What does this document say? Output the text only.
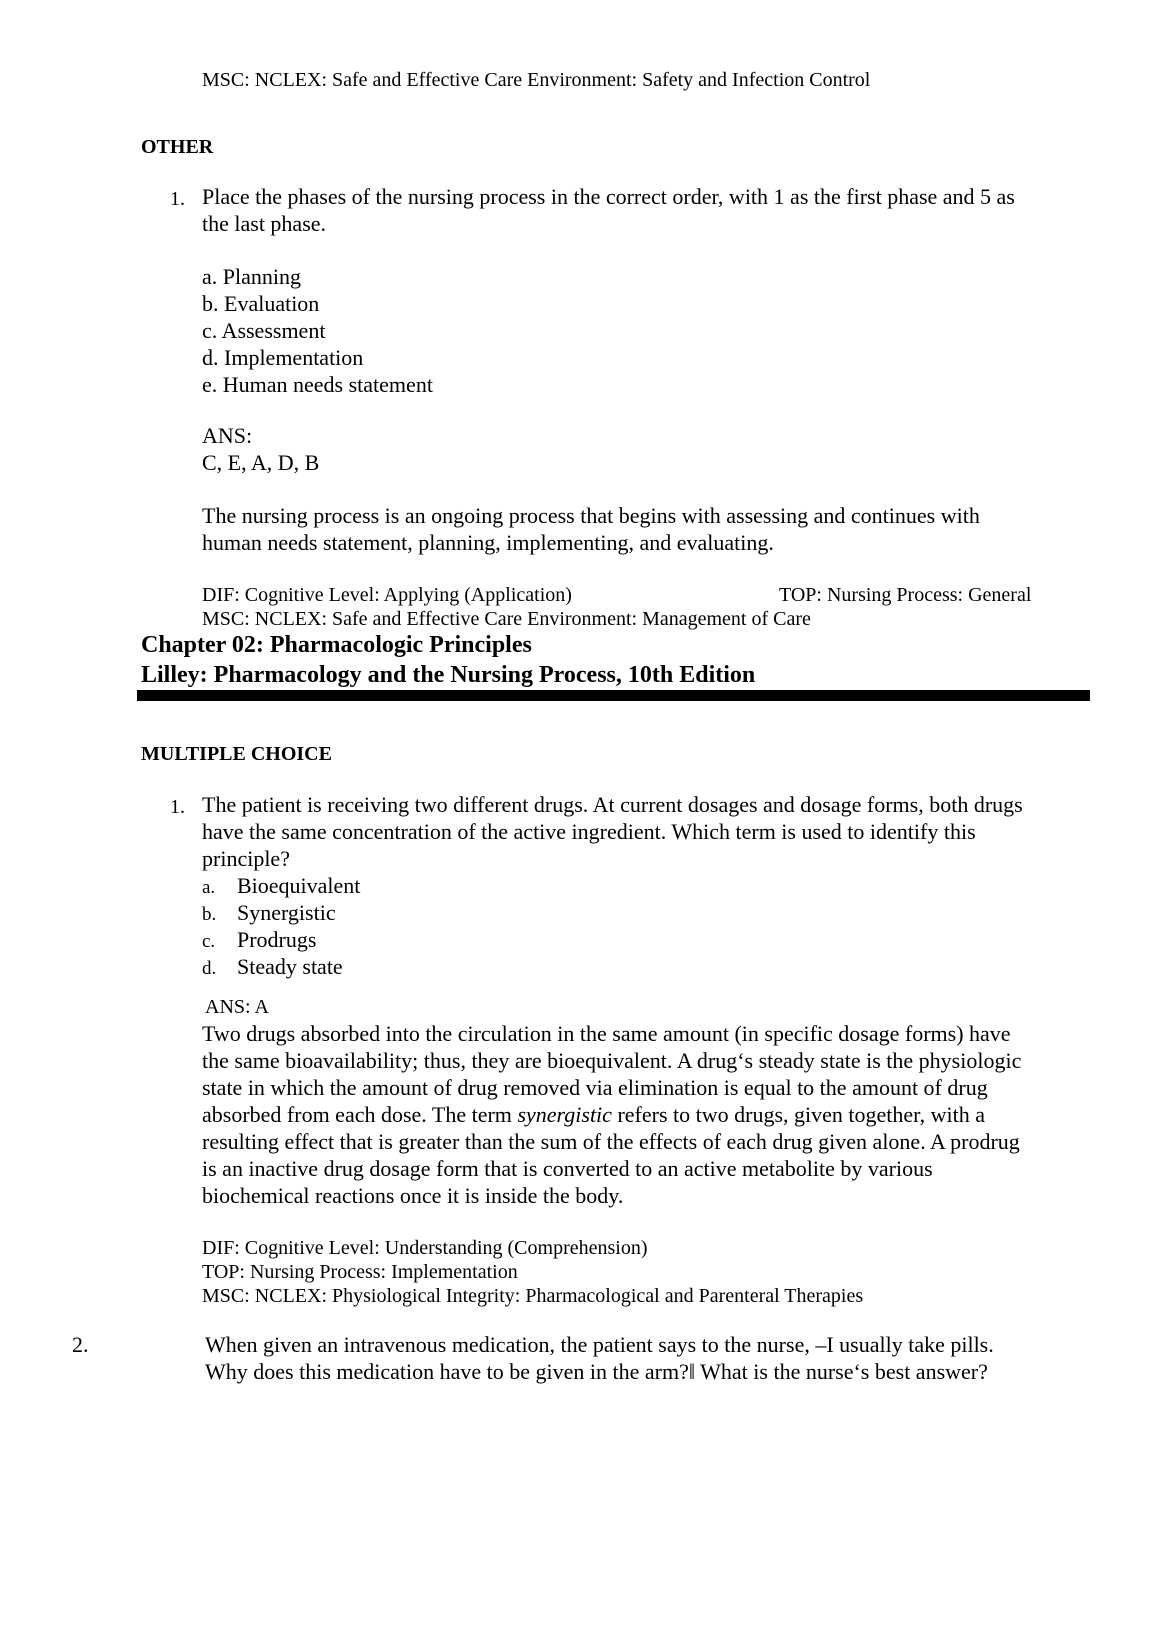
MSC: NCLEX: Safe and Effective Care Environment: Safety and Infection Control
OTHER
1. Place the phases of the nursing process in the correct order, with 1 as the first phase and 5 as
the last phase.
a. Planning
b. Evaluation
c. Assessment
d. Implementation
e. Human needs statement
ANS:
C, E, A, D, B
The nursing process is an ongoing process that begins with assessing and continues with
human needs statement, planning, implementing, and evaluating.
DIF: Cognitive Level: Applying (Application)	TOP: Nursing Process: General
MSC: NCLEX: Safe and Effective Care Environment: Management of Care
Chapter 02: Pharmacologic Principles
Lilley: Pharmacology and the Nursing Process, 10th Edition
MULTIPLE CHOICE
1. The patient is receiving two different drugs. At current dosages and dosage forms, both drugs
have the same concentration of the active ingredient. Which term is used to identify this
principle?
a. Bioequivalent
b. Synergistic
c. Prodrugs
d. Steady state
ANS: A
Two drugs absorbed into the circulation in the same amount (in specific dosage forms) have
the same bioavailability; thus, they are bioequivalent. A drug‘s steady state is the physiologic
state in which the amount of drug removed via elimination is equal to the amount of drug
absorbed from each dose. The term synergistic refers to two drugs, given together, with a
resulting effect that is greater than the sum of the effects of each drug given alone. A prodrug
is an inactive drug dosage form that is converted to an active metabolite by various
biochemical reactions once it is inside the body.
DIF: Cognitive Level: Understanding (Comprehension)
TOP: Nursing Process: Implementation
MSC: NCLEX: Physiological Integrity: Pharmacological and Parenteral Therapies
2.	When given an intravenous medication, the patient says to the nurse, –I usually take pills.
Why does this medication have to be given in the arm?‖ What is the nurse‘s best answer?
